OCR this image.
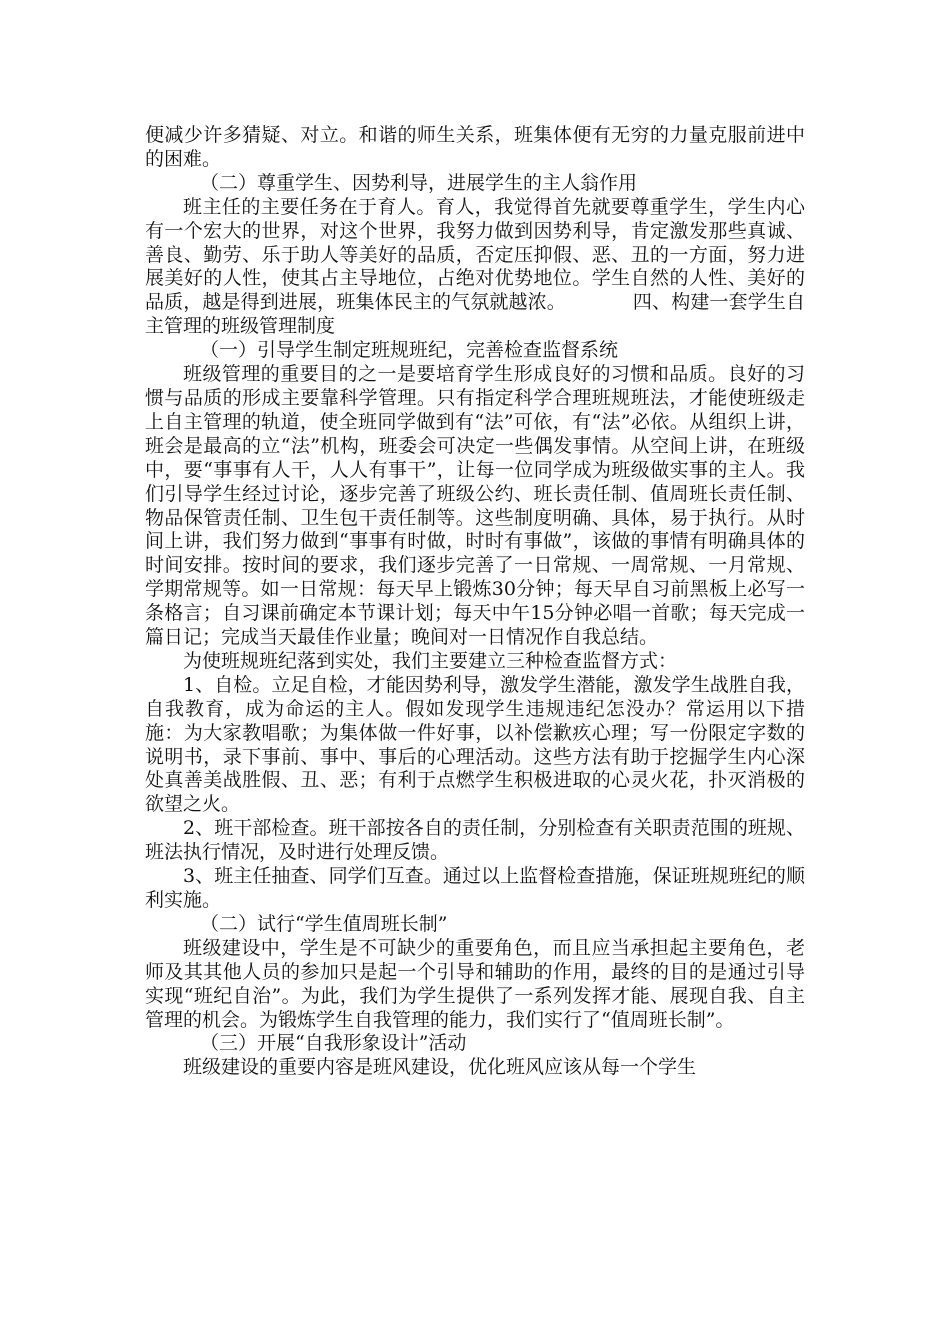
便减少许多猜疑、对立。和谐的师生关系，班集体便有无穷的力量克服前进中的困难。

（二）尊重学生、因势利导，进展学生的主人翁作用

班主任的主要任务在于育人。育人，我觉得首先就要尊重学生，学生内心有一个宏大的世界，对这个世界，我努力做到因势利导，肯定激发那些真诚、善良、勤劳、乐于助人等美好的品质，否定压抑假、恶、丑的一方面，努力进展美好的人性，使其占主导地位，占绝对优势地位。学生自然的人性、美好的品质，越是得到进展，班集体民主的气氛就越浓。　　　　四、构建一套学生自主管理的班级管理制度

（一）引导学生制定班规班纪，完善检查监督系统

班级管理的重要目的之一是要培育学生形成良好的习惯和品质。良好的习惯与品质的形成主要靠科学管理。只有指定科学合理班规班法，才能使班级走上自主管理的轨道，使全班同学做到有“法”可依，有“法”必依。从组织上讲，班会是最高的立“法”机构，班委会可决定一些偶发事情。从空间上讲，在班级中，要“事事有人干，人人有事干”，让每一位同学成为班级做实事的主人。我们引导学生经过讨论，逐步完善了班级公约、班长责任制、值周班长责任制、物品保管责任制、卫生包干责任制等。这些制度明确、具体，易于执行。从时间上讲，我们努力做到“事事有时做，时时有事做”，该做的事情有明确具体的时间安排。按时间的要求，我们逐步完善了一日常规、一周常规、一月常规、学期常规等。如一日常规：每天早上锻炼30分钟；每天早自习前黑板上必写一条格言；自习课前确定本节课计划；每天中午15分钟必唱一首歌；每天完成一篇日记；完成当天最佳作业量；晚间对一日情况作自我总结。

为使班规班纪落到实处，我们主要建立三种检查监督方式：

1、自检。立足自检，才能因势利导，激发学生潜能，激发学生战胜自我，自我教育，成为命运的主人。假如发现学生违规违纪怎没办？常运用以下措施：为大家教唱歌；为集体做一件好事，以补偿歉疚心理；写一份限定字数的说明书，录下事前、事中、事后的心理活动。这些方法有助于挖掘学生内心深处真善美战胜假、丑、恶；有利于点燃学生积极进取的心灵火花，扑灭消极的欲望之火。

2、班干部检查。班干部按各自的责任制，分别检查有关职责范围的班规、班法执行情况，及时进行处理反馈。

3、班主任抽查、同学们互查。通过以上监督检查措施，保证班规班纪的顺利实施。

（二）试行“学生值周班长制”

班级建设中，学生是不可缺少的重要角色，而且应当承担起主要角色，老师及其其他人员的参加只是起一个引导和辅助的作用，最终的目的是通过引导实现“班纪自治”。为此，我们为学生提供了一系列发挥才能、展现自我、自主管理的机会。为锻炼学生自我管理的能力，我们实行了“值周班长制”。

（三）开展“自我形象设计”活动

班级建设的重要内容是班风建设，优化班风应该从每一个学生
